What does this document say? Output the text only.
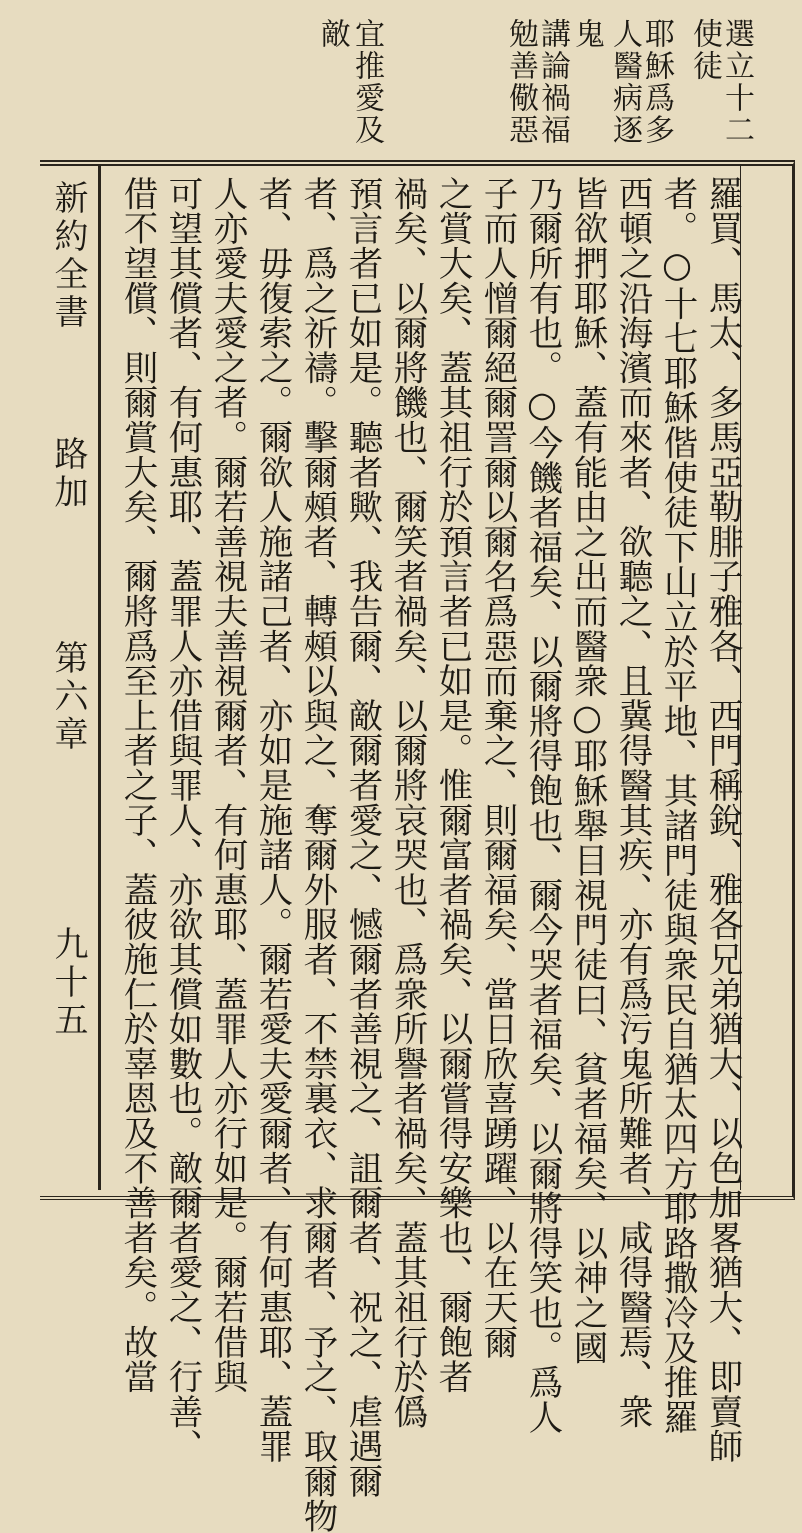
選立十二
使徒
耶穌爲多
人醫病逐
鬼
講論禍福
勉善儆惡
宜推愛及
敵
新約全書
路加
第六章
九十五	羅買、馬太、多馬亞勒腓子雅各、西門稱銳、雅各兄弟猶大、以色加畧猶大、即賣師
者。○十七耶穌偕使徒下山立於平地、其諸門徒與衆民自猶太四方耶路撒冷及推羅
西頓之沿海濱而來者、欲聽之、且冀得醫其疾、亦有爲污鬼所難者、咸得醫焉、衆
皆欲捫耶穌、蓋有能由之出而醫衆○耶穌舉目視門徒曰、貧者福矣、以神之國
乃爾所有也。○今饑者福矣、以爾將得飽也、爾今哭者福矣、以爾將得笑也。爲人
子而人憎爾絕爾詈爾以爾名爲惡而棄之、則爾福矣、當日欣喜踴躍、以在天爾
之賞大矣、蓋其祖行於預言者已如是。惟爾富者禍矣、以爾嘗得安樂也、爾飽者
禍矣、以爾將饑也、爾笑者禍矣、以爾將哀哭也、爲衆所譽者禍矣、蓋其祖行於僞
預言者已如是。聽者歟、我告爾、敵爾者愛之、憾爾者善視之、詛爾者、祝之、虐遇爾
者、爲之祈禱。擊爾頰者、轉頰以與之、奪爾外服者、不禁裏衣、求爾者、予之、取爾物
者、毋復索之。爾欲人施諸己者、亦如是施諸人。爾若愛夫愛爾者、有何惠耶、蓋罪
人亦愛夫愛之者。爾若善視夫善視爾者、有何惠耶、蓋罪人亦行如是。爾若借與
可望其償者、有何惠耶、蓋罪人亦借與罪人、亦欲其償如數也。敵爾者愛之、行善、
借不望償、則爾賞大矣、爾將爲至上者之子、蓋彼施仁於辜恩及不善者矣。故當
